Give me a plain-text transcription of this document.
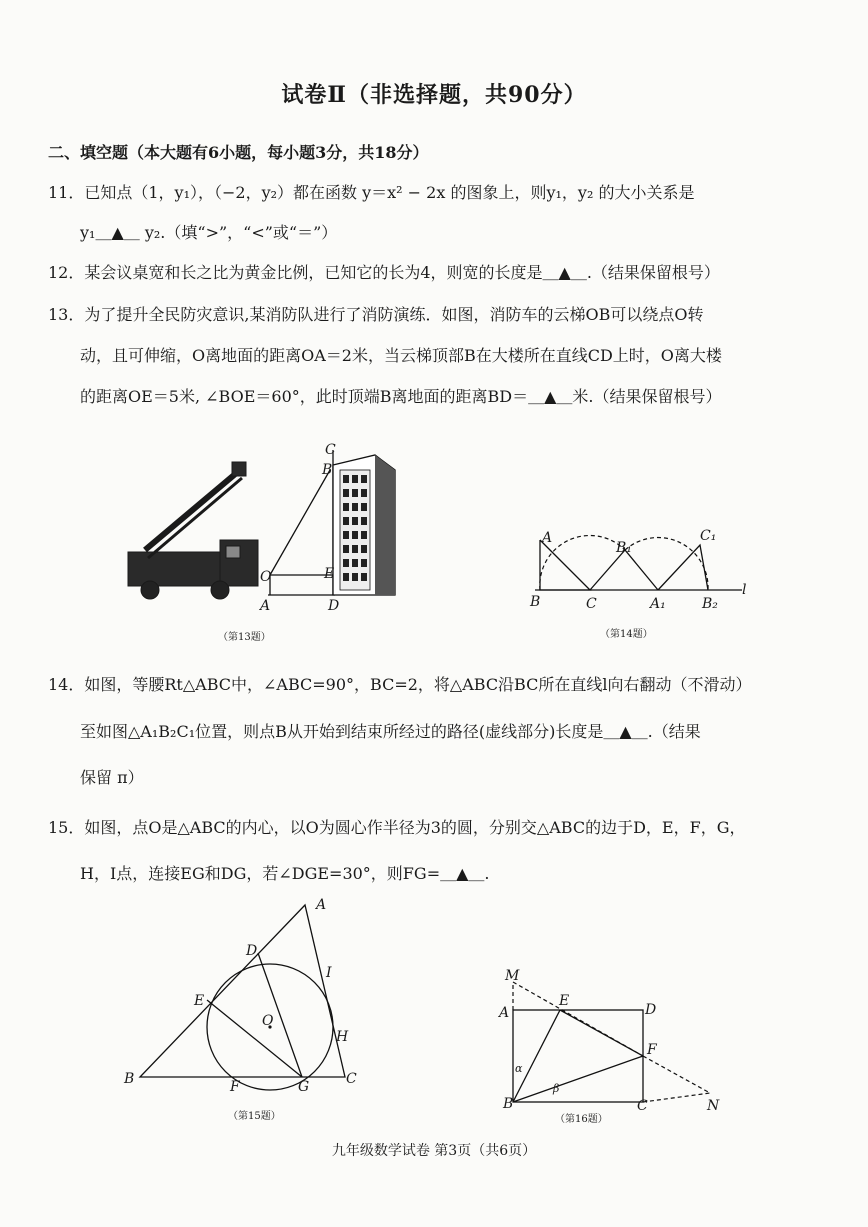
试卷Ⅱ（非选择题，共90分）
二、填空题（本大题有6小题，每小题3分，共18分）
11．已知点（1，y₁），（−2，y₂）都在函数 y＝x² − 2x 的图象上，则y₁，y₂ 的大小关系是
y₁＿▲＿ y₂.（填“>”，“<”或“＝”）
12．某会议桌宽和长之比为黄金比例，已知它的长为4，则宽的长度是＿▲＿.（结果保留根号）
13．为了提升全民防灾意识,某消防队进行了消防演练．如图，消防车的云梯OB可以绕点O转
动，且可伸缩，O离地面的距离OA＝2米，当云梯顶部B在大楼所在直线CD上时，O离大楼
的距离OE＝5米, ∠BOE＝60°，此时顶端B离地面的距离BD＝＿▲＿米.（结果保留根号）
C
B
O	E
A	D
（第13题）
A
B₁
C₁
B	C	A₁	B₂
l
（第14题）
14．如图，等腰Rt△ABC中，∠ABC=90°，BC=2，将△ABC沿BC所在直线l向右翻动（不滑动）
至如图△A₁B₂C₁位置，则点B从开始到结束所经过的路径(虚线部分)长度是＿▲＿.（结果
保留 π）
15．如图，点O是△ABC的内心，以O为圆心作半径为3的圆，分别交△ABC的边于D，E，F，G，
H，I点，连接EG和DG，若∠DGE=30°，则FG=＿▲＿.
A
D
I
E
O
H
B	F	G	C
（第15题）
M
E
D
A
F
α
β
B	C	N
（第16题）
九年级数学试卷 第3页（共6页）
